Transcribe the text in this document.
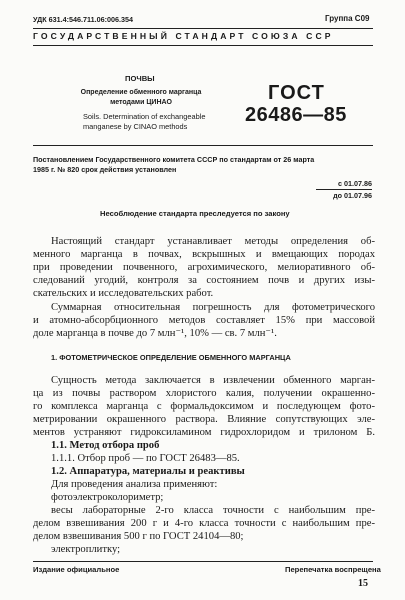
УДК 631.4:546.711.06:006.354	Группа С09
ГОСУДАРСТВЕННЫЙ СТАНДАРТ СОЮЗА ССР
ПОЧВЫ
Определение обменного марганца
методами ЦИНАО
Soils. Determination of exchangeable
manganese by CINAO methods
ГОСТ
26486—85
Постановлением Государственного комитета СССР по стандартам от 26 марта
1985 г. № 820 срок действия установлен
с 01.07.86
до 01.07.96
Несоблюдение стандарта преследуется по закону
Настоящий стандарт устанавливает методы определения об-
менного марганца в почвах, вскрышных и вмещающих породах
при проведении почвенного, агрохимического, мелиоративного об-
следований угодий, контроля за состоянием почв и других изы-
скательских и исследовательских работ.
Суммарная относительная погрешность для фотометрического
и атомно-абсорбционного методов составляет 15% при массовой
доле марганца в почве до 7 млн⁻¹, 10% — св. 7 млн⁻¹.
1. ФОТОМЕТРИЧЕСКОЕ ОПРЕДЕЛЕНИЕ ОБМЕННОГО МАРГАНЦА
Сущность метода заключается в извлечении обменного марган-
ца из почвы раствором хлористого калия, получении окрашенно-
го комплекса марганца с формальдоксимом и последующем фото-
метрировании окрашенного раствора. Влияние сопутствующих эле-
ментов устраняют гидроксиламином гидрохлоридом и трилоном Б.
1.1. Метод отбора проб
1.1.1. Отбор проб — по ГОСТ 26483—85.
1.2. Аппаратура, материалы и реактивы
Для проведения анализа применяют:
фотоэлектроколориметр;
весы лабораторные 2-го класса точности с наибольшим пре-
делом взвешивания 200 г и 4-го класса точности с наибольшим пре-
делом взвешивания 500 г по ГОСТ 24104—80;
электроплитку;
Издание официальное	Перепечатка воспрещена
15
